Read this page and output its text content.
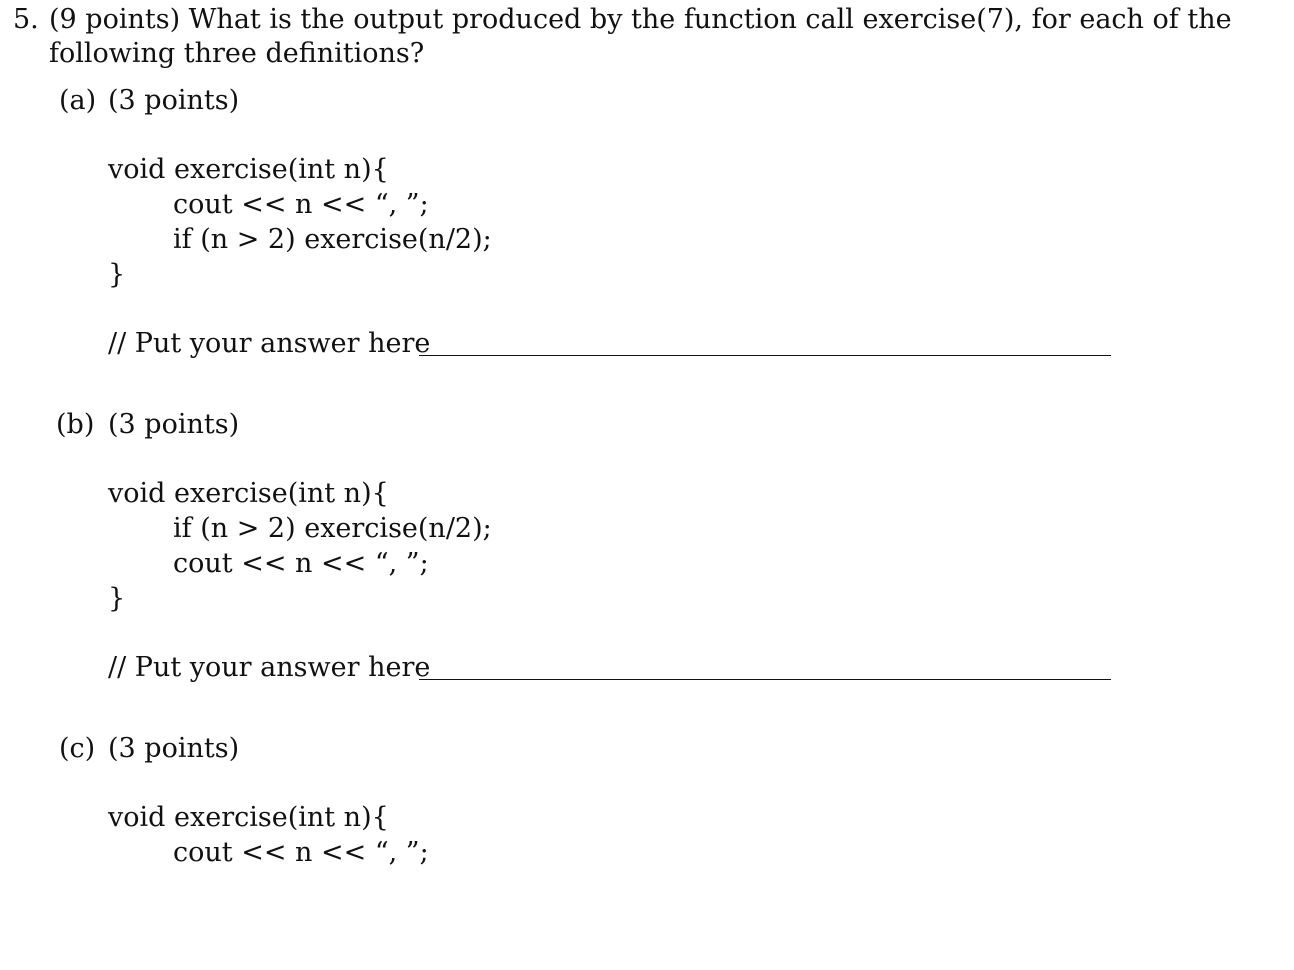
5. (9 points) What is the output produced by the function call exercise(7), for each of the
following three definitions?
(a) (3 points)
void exercise(int n){
cout << n << “, ”;
if (n > 2) exercise(n/2);
}
// Put your answer here
(b) (3 points)
void exercise(int n){
if (n > 2) exercise(n/2);
cout << n << “, ”;
}
// Put your answer here
(c) (3 points)
void exercise(int n){
cout << n << “, ”;
